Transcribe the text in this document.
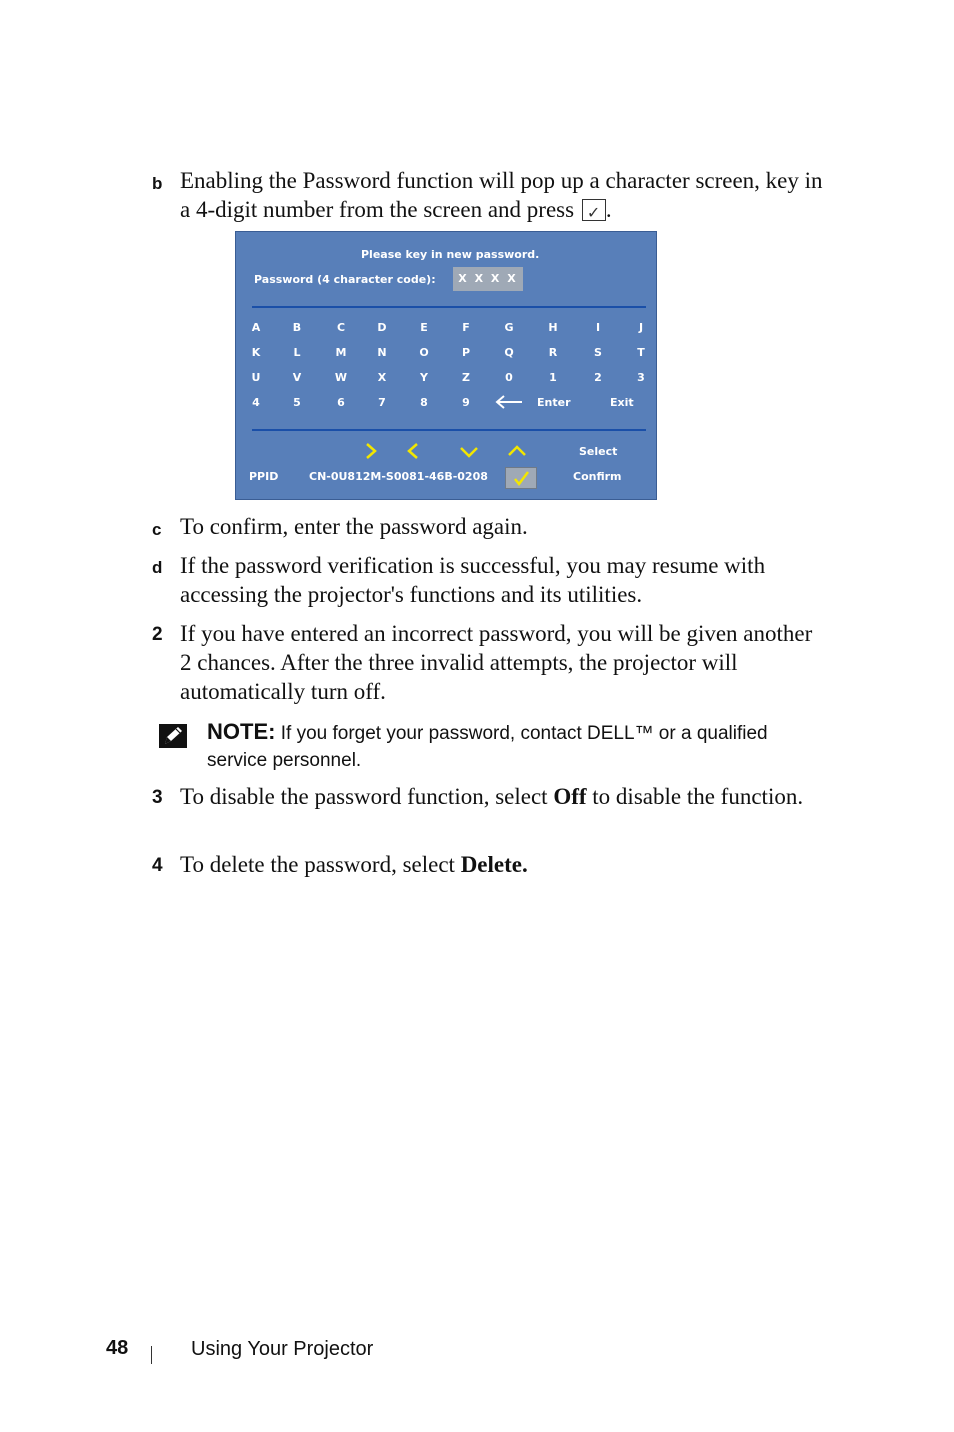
b Enabling the Password function will pop up a character screen, key in a 4-digit number from the screen and press ✓.
Please key in new password.
Password (4 character code):	X X X X
A	B	C	D	E	F	G	H	I	J
K	L	M	N	O	P	Q	R	S	T
U	V	W	X	Y	Z	0	1	2	3
4	5	6	7	8	9	Enter	Exit
Select
PPID	CN-0U812M-S0081-46B-0208	Confirm
c To confirm, enter the password again.
d If the password verification is successful, you may resume with accessing the projector's functions and its utilities.
2 If you have entered an incorrect password, you will be given another 2 chances. After the three invalid attempts, the projector will automatically turn off.
NOTE: If you forget your password, contact DELL™ or a qualified service personnel.
3 To disable the password function, select Off to disable the function.
4 To delete the password, select Delete.
48	Using Your Projector
